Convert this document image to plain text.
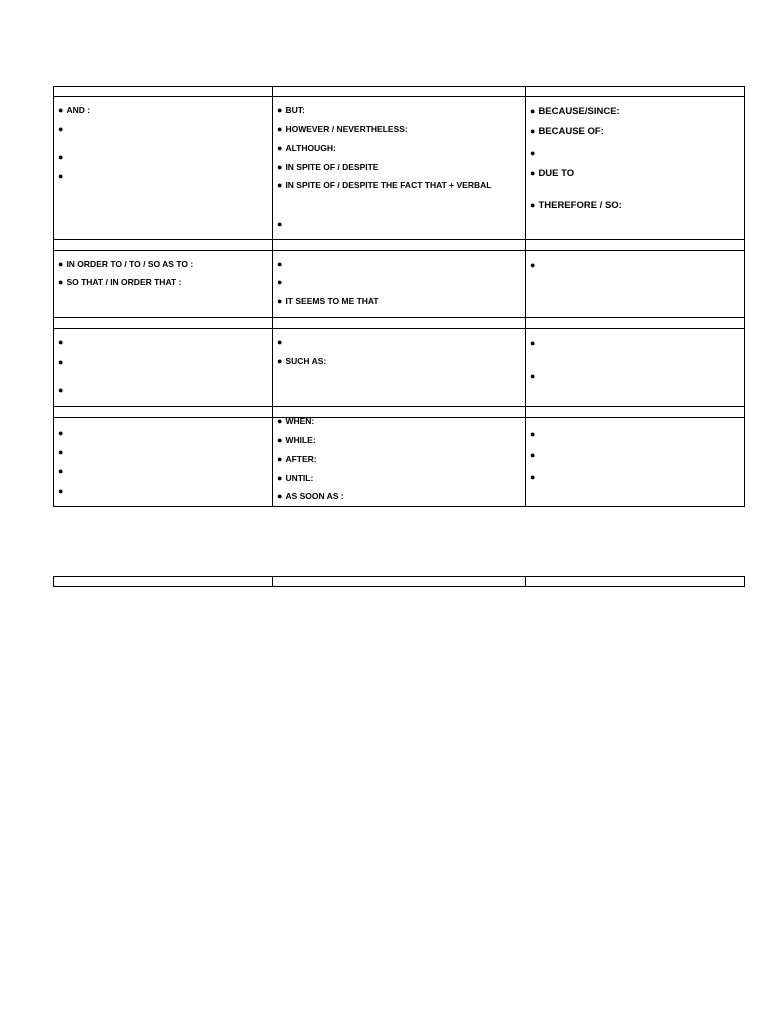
● AND :
●
●
●
● BUT:
● HOWEVER / NEVERTHELESS:
● ALTHOUGH:
● IN SPITE OF / DESPITE
● IN SPITE OF / DESPITE THE FACT THAT + VERBAL
●
● BECAUSE/SINCE:
● BECAUSE OF:
●
● DUE TO
● THEREFORE / SO:
● IN ORDER TO / TO / SO AS TO :
● SO THAT / IN ORDER THAT :
●
●
● IT SEEMS TO ME THAT
●
●
●
●
●
● SUCH AS:
●
●
●
●
●
●
● WHEN:
● WHILE:
● AFTER:
● UNTIL:
● AS SOON AS :
●
●
●
